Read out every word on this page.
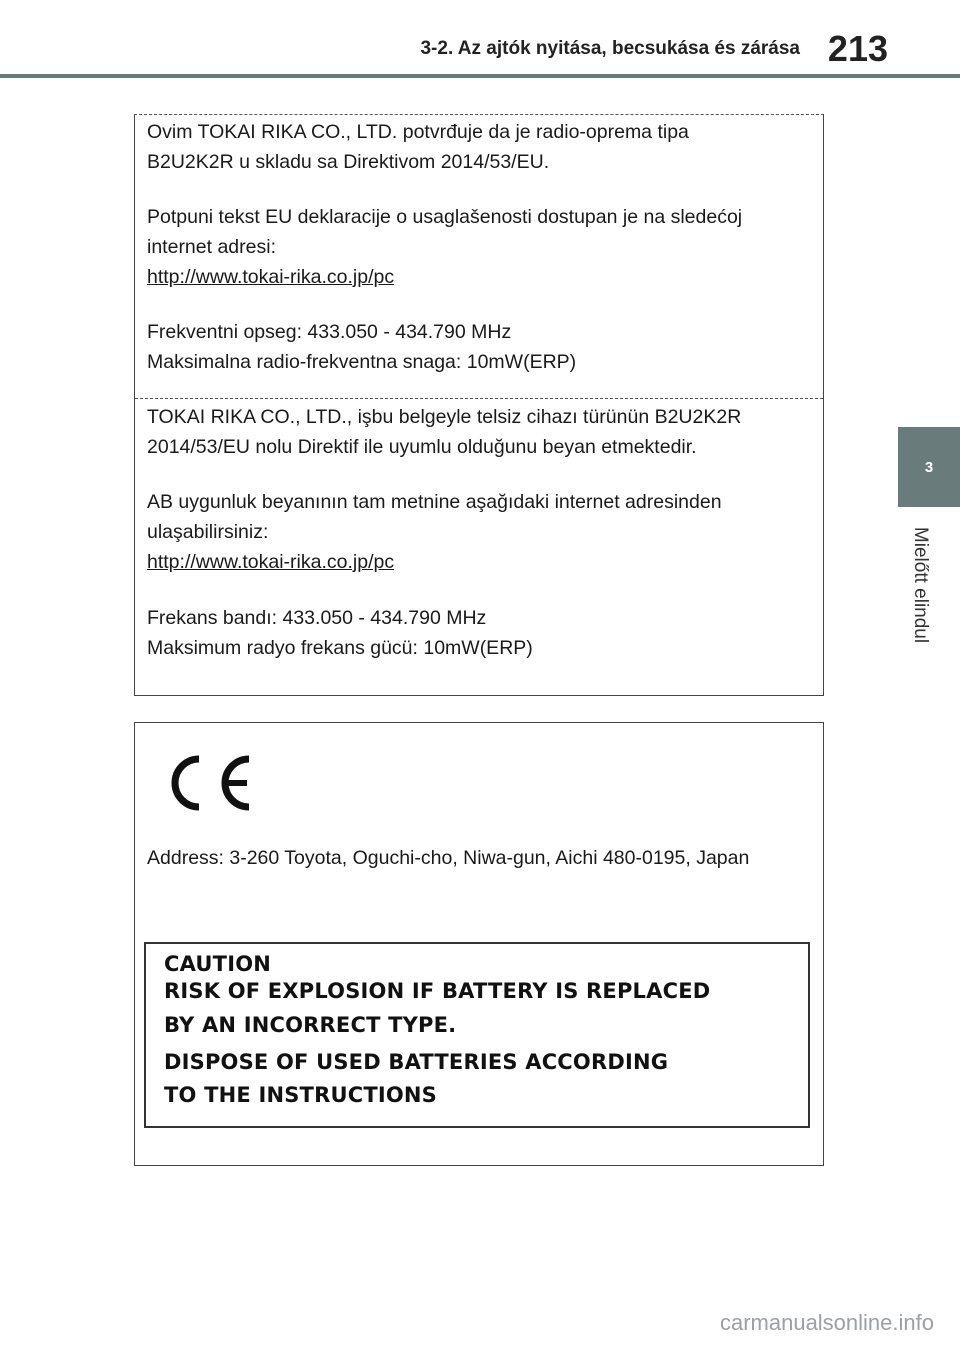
3-2. Az ajtók nyitása, becsukása és zárása 213
3
Mielőtt elindul

Ovim TOKAI RIKA CO., LTD. potvrđuje da je radio-oprema tipa
B2U2K2R u skladu sa Direktivom 2014/53/EU.

Potpuni tekst EU deklaracije o usaglašenosti dostupan je na sledećoj
internet adresi:
http://www.tokai-rika.co.jp/pc

Frekventni opseg: 433.050 - 434.790 MHz
Maksimalna radio-frekventna snaga: 10mW(ERP)

TOKAI RIKA CO., LTD., işbu belgeyle telsiz cihazı türünün B2U2K2R
2014/53/EU nolu Direktif ile uyumlu olduğunu beyan etmektedir.

AB uygunluk beyanının tam metnine aşağıdaki internet adresinden
ulaşabilirsiniz:
http://www.tokai-rika.co.jp/pc

Frekans bandı: 433.050 - 434.790 MHz
Maksimum radyo frekans gücü: 10mW(ERP)

Address: 3-260 Toyota, Oguchi-cho, Niwa-gun, Aichi 480-0195, Japan

CAUTION
RISK OF EXPLOSION IF BATTERY IS REPLACED
BY AN INCORRECT TYPE.
DISPOSE OF USED BATTERIES ACCORDING
TO THE INSTRUCTIONS
carmanualsonline.info
